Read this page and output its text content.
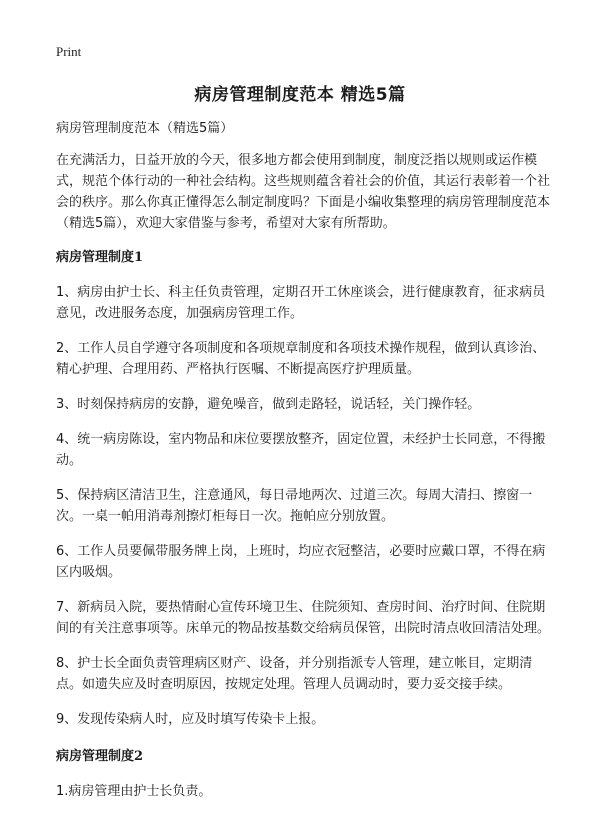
Print
病房管理制度范本 精选5篇

病房管理制度范本（精选5篇）

在充满活力，日益开放的今天，很多地方都会使用到制度，制度泛指以规则或运作模式，规范个体行动的一种社会结构。这些规则蕴含着社会的价值，其运行表彰着一个社会的秩序。那么你真正懂得怎么制定制度吗？下面是小编收集整理的病房管理制度范本（精选5篇），欢迎大家借鉴与参考，希望对大家有所帮助。

病房管理制度1

1、病房由护士长、科主任负责管理，定期召开工休座谈会，进行健康教育，征求病员意见，改进服务态度，加强病房管理工作。

2、工作人员自学遵守各项制度和各项规章制度和各项技术操作规程，做到认真诊治、精心护理、合理用药、严格执行医嘱、不断提高医疗护理质量。

3、时刻保持病房的安静，避免噪音，做到走路轻，说话轻，关门操作轻。

4、统一病房陈设，室内物品和床位要摆放整齐，固定位置，未经护士长同意，不得搬动。

5、保持病区清洁卫生，注意通风，每日帚地两次、过道三次。每周大清扫、擦窗一次。一桌一帕用消毒剂擦灯柜每日一次。拖帕应分别放置。

6、工作人员要佩带服务牌上岗，上班时，均应衣冠整洁，必要时应戴口罩，不得在病区内吸烟。

7、新病员入院，要热情耐心宣传环境卫生、住院须知、查房时间、治疗时间、住院期间的有关注意事项等。床单元的物品按基数交给病员保管，出院时清点收回清洁处理。

8、护士长全面负责管理病区财产、设备，并分别指派专人管理，建立帐目，定期清点。如遗失应及时查明原因，按规定处理。管理人员调动时，要力妥交接手续。

9、发现传染病人时，应及时填写传染卡上报。

病房管理制度2

1.病房管理由护士长负责。
